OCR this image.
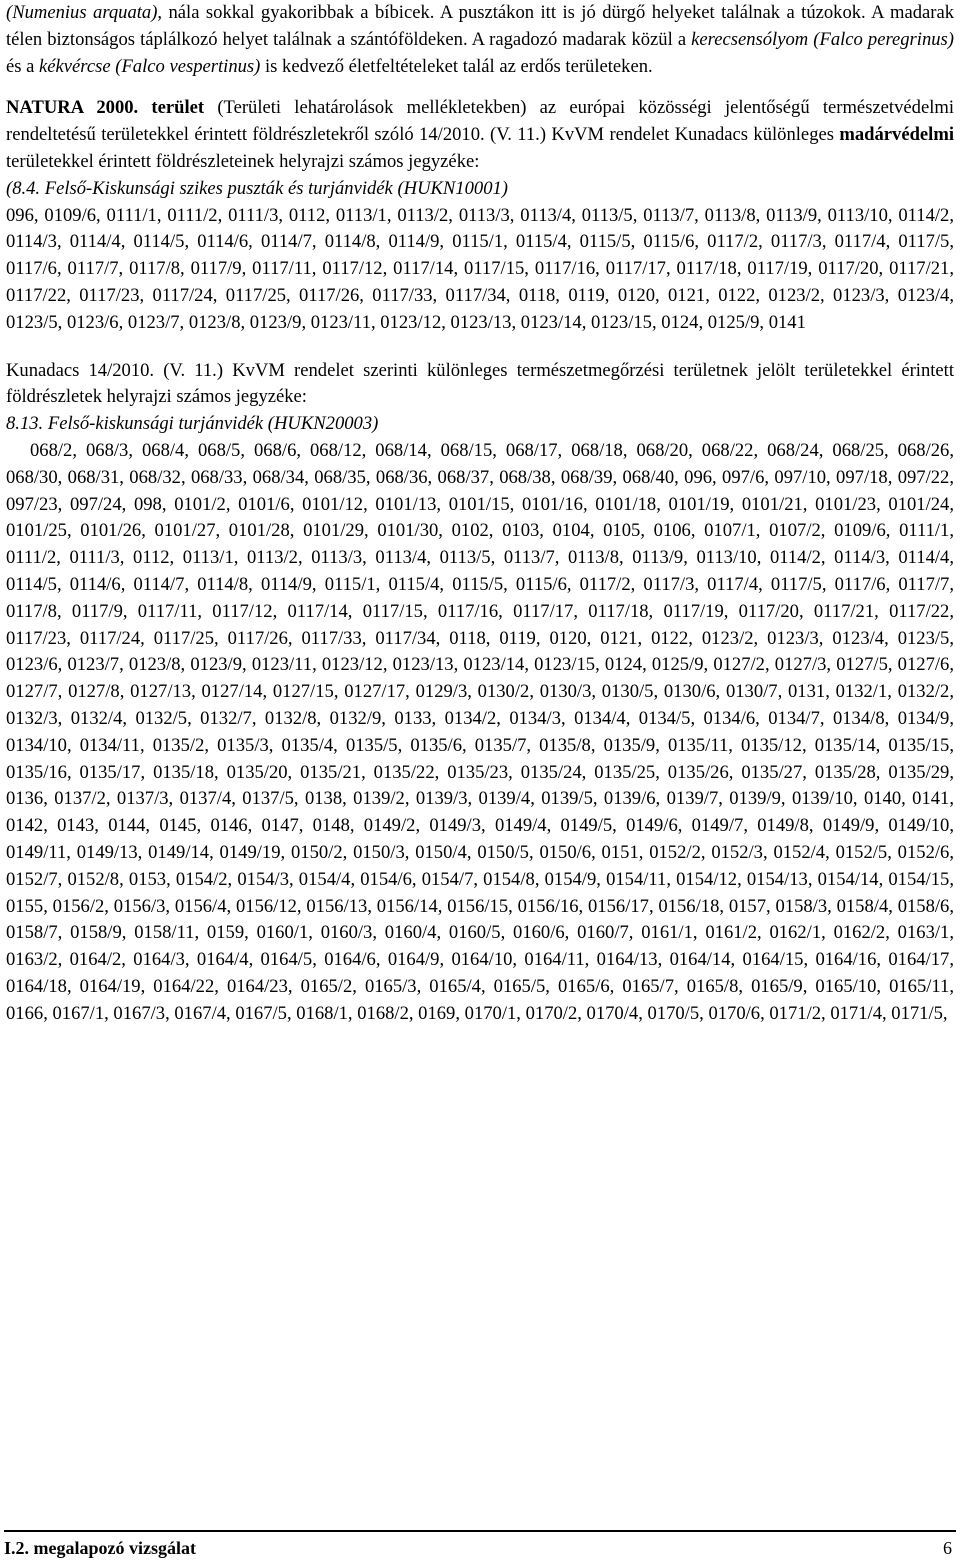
(Numenius arquata), nála sokkal gyakoribbak a bíbicek. A pusztákon itt is jó dürgő helyeket találnak a túzokok. A madarak télen biztonságos táplálkozó helyet találnak a szántóföldeken. A ragadozó madarak közül a kerecsensólyom (Falco peregrinus) és a kékvércse (Falco vespertinus) is kedvező életfeltételeket talál az erdős területeken.

NATURA 2000. terület (Területi lehatárolások mellékletekben) az európai közösségi jelentőségű természetvédelmi rendeltetésű területekkel érintett földrészletekről szóló 14/2010. (V. 11.) KvVM rendelet Kunadacs különleges madárvédelmi területekkel érintett földrészleteinek helyrajzi számos jegyzéke:

(8.4. Felső-Kiskunsági szikes puszták és turjánvidék (HUKN10001)

096, 0109/6, 0111/1, 0111/2, 0111/3, 0112, 0113/1, 0113/2, 0113/3, 0113/4, 0113/5, 0113/7, 0113/8, 0113/9, 0113/10, 0114/2, 0114/3, 0114/4, 0114/5, 0114/6, 0114/7, 0114/8, 0114/9, 0115/1, 0115/4, 0115/5, 0115/6, 0117/2, 0117/3, 0117/4, 0117/5, 0117/6, 0117/7, 0117/8, 0117/9, 0117/11, 0117/12, 0117/14, 0117/15, 0117/16, 0117/17, 0117/18, 0117/19, 0117/20, 0117/21, 0117/22, 0117/23, 0117/24, 0117/25, 0117/26, 0117/33, 0117/34, 0118, 0119, 0120, 0121, 0122, 0123/2, 0123/3, 0123/4, 0123/5, 0123/6, 0123/7, 0123/8, 0123/9, 0123/11, 0123/12, 0123/13, 0123/14, 0123/15, 0124, 0125/9, 0141

Kunadacs 14/2010. (V. 11.) KvVM rendelet szerinti különleges természetmegőrzési területnek jelölt területekkel érintett földrészletek helyrajzi számos jegyzéke:

8.13. Felső-kiskunsági turjánvidék (HUKN20003)

068/2, 068/3, 068/4, 068/5, 068/6, 068/12, 068/14, 068/15, 068/17, 068/18, 068/20, 068/22, 068/24, 068/25, 068/26, 068/30, 068/31, 068/32, 068/33, 068/34, 068/35, 068/36, 068/37, 068/38, 068/39, 068/40, 096, 097/6, 097/10, 097/18, 097/22, 097/23, 097/24, 098, 0101/2, 0101/6, 0101/12, 0101/13, 0101/15, 0101/16, 0101/18, 0101/19, 0101/21, 0101/23, 0101/24, 0101/25, 0101/26, 0101/27, 0101/28, 0101/29, 0101/30, 0102, 0103, 0104, 0105, 0106, 0107/1, 0107/2, 0109/6, 0111/1, 0111/2, 0111/3, 0112, 0113/1, 0113/2, 0113/3, 0113/4, 0113/5, 0113/7, 0113/8, 0113/9, 0113/10, 0114/2, 0114/3, 0114/4, 0114/5, 0114/6, 0114/7, 0114/8, 0114/9, 0115/1, 0115/4, 0115/5, 0115/6, 0117/2, 0117/3, 0117/4, 0117/5, 0117/6, 0117/7, 0117/8, 0117/9, 0117/11, 0117/12, 0117/14, 0117/15, 0117/16, 0117/17, 0117/18, 0117/19, 0117/20, 0117/21, 0117/22, 0117/23, 0117/24, 0117/25, 0117/26, 0117/33, 0117/34, 0118, 0119, 0120, 0121, 0122, 0123/2, 0123/3, 0123/4, 0123/5, 0123/6, 0123/7, 0123/8, 0123/9, 0123/11, 0123/12, 0123/13, 0123/14, 0123/15, 0124, 0125/9, 0127/2, 0127/3, 0127/5, 0127/6, 0127/7, 0127/8, 0127/13, 0127/14, 0127/15, 0127/17, 0129/3, 0130/2, 0130/3, 0130/5, 0130/6, 0130/7, 0131, 0132/1, 0132/2, 0132/3, 0132/4, 0132/5, 0132/7, 0132/8, 0132/9, 0133, 0134/2, 0134/3, 0134/4, 0134/5, 0134/6, 0134/7, 0134/8, 0134/9, 0134/10, 0134/11, 0135/2, 0135/3, 0135/4, 0135/5, 0135/6, 0135/7, 0135/8, 0135/9, 0135/11, 0135/12, 0135/14, 0135/15, 0135/16, 0135/17, 0135/18, 0135/20, 0135/21, 0135/22, 0135/23, 0135/24, 0135/25, 0135/26, 0135/27, 0135/28, 0135/29, 0136, 0137/2, 0137/3, 0137/4, 0137/5, 0138, 0139/2, 0139/3, 0139/4, 0139/5, 0139/6, 0139/7, 0139/9, 0139/10, 0140, 0141, 0142, 0143, 0144, 0145, 0146, 0147, 0148, 0149/2, 0149/3, 0149/4, 0149/5, 0149/6, 0149/7, 0149/8, 0149/9, 0149/10, 0149/11, 0149/13, 0149/14, 0149/19, 0150/2, 0150/3, 0150/4, 0150/5, 0150/6, 0151, 0152/2, 0152/3, 0152/4, 0152/5, 0152/6, 0152/7, 0152/8, 0153, 0154/2, 0154/3, 0154/4, 0154/6, 0154/7, 0154/8, 0154/9, 0154/11, 0154/12, 0154/13, 0154/14, 0154/15, 0155, 0156/2, 0156/3, 0156/4, 0156/12, 0156/13, 0156/14, 0156/15, 0156/16, 0156/17, 0156/18, 0157, 0158/3, 0158/4, 0158/6, 0158/7, 0158/9, 0158/11, 0159, 0160/1, 0160/3, 0160/4, 0160/5, 0160/6, 0160/7, 0161/1, 0161/2, 0162/1, 0162/2, 0163/1, 0163/2, 0164/2, 0164/3, 0164/4, 0164/5, 0164/6, 0164/9, 0164/10, 0164/11, 0164/13, 0164/14, 0164/15, 0164/16, 0164/17, 0164/18, 0164/19, 0164/22, 0164/23, 0165/2, 0165/3, 0165/4, 0165/5, 0165/6, 0165/7, 0165/8, 0165/9, 0165/10, 0165/11, 0166, 0167/1, 0167/3, 0167/4, 0167/5, 0168/1, 0168/2, 0169, 0170/1, 0170/2, 0170/4, 0170/5, 0170/6, 0171/2, 0171/4, 0171/5,

I.2. megalapozó vizsgálat	6
